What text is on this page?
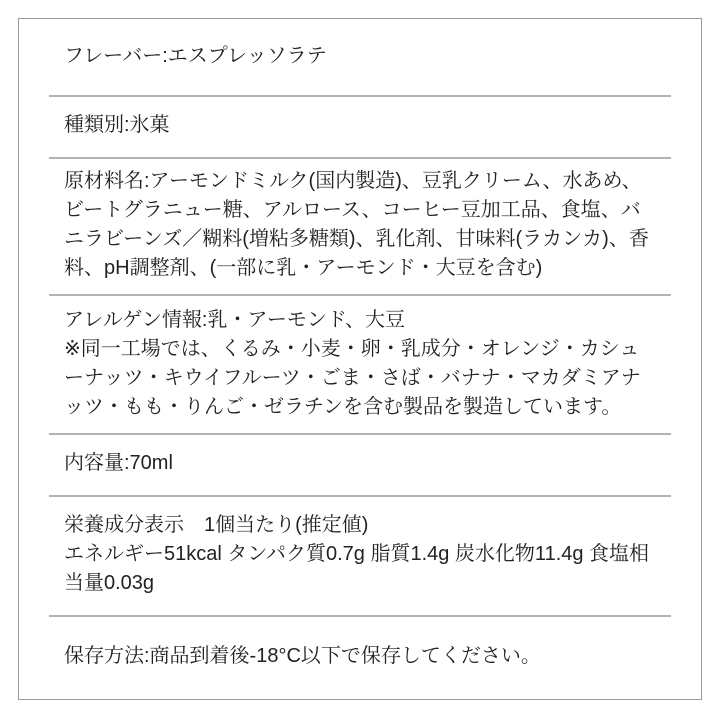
フレーバー:エスプレッソラテ
種類別:氷菓
原材料名:アーモンドミルク(国内製造)、豆乳クリーム、水あめ、ビートグラニュー糖、アルロース、コーヒー豆加工品、食塩、バニラビーンズ／糊料(増粘多糖類)、乳化剤、甘味料(ラカンカ)、香料、pH調整剤、(一部に乳・アーモンド・大豆を含む)
アレルゲン情報:乳・アーモンド、大豆
※同一工場では、くるみ・小麦・卵・乳成分・オレンジ・カシューナッツ・キウイフルーツ・ごま・さば・バナナ・マカダミアナッツ・もも・りんご・ゼラチンを含む製品を製造しています。
内容量:70ml
栄養成分表示　1個当たり(推定値)
エネルギー51kcal タンパク質0.7g 脂質1.4g 炭水化物11.4g 食塩相当量0.03g
保存方法:商品到着後-18°C以下で保存してください。
